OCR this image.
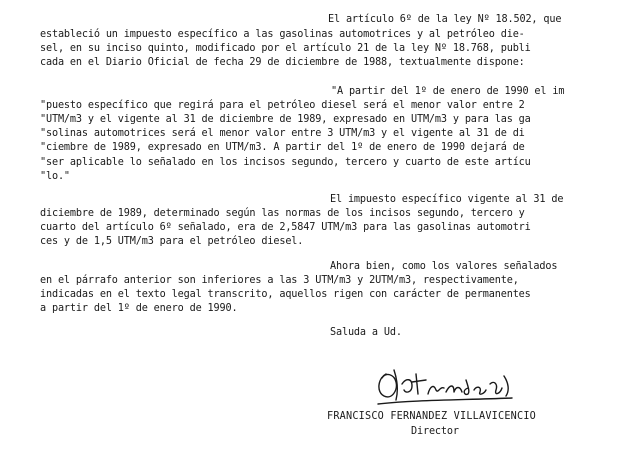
El artículo 6º de la ley Nº 18.502, que
estableció un impuesto específico a las gasolinas automotrices y al petróleo die-
sel, en su inciso quinto, modificado por el artículo 21 de la ley Nº 18.768, publi
cada en el Diario Oficial de fecha 29 de diciembre de 1988, textualmente dispone:
"A partir del 1º de enero de 1990 el im
"puesto específico que regirá para el petróleo diesel será el menor valor entre 2
"UTM/m3 y el vigente al 31 de diciembre de 1989, expresado en UTM/m3 y para las ga
"solinas automotrices será el menor valor entre 3 UTM/m3 y el vigente al 31 de di
"ciembre de 1989, expresado en UTM/m3. A partir del 1º de enero de 1990 dejará de
"ser aplicable lo señalado en los incisos segundo, tercero y cuarto de este artícu
"lo."
El impuesto específico vigente al 31 de
diciembre de 1989, determinado según las normas de los incisos segundo, tercero y
cuarto del artículo 6º señalado, era de 2,5847 UTM/m3 para las gasolinas automotri
ces y de 1,5 UTM/m3 para el petróleo diesel.
Ahora bien, como los valores señalados
en el párrafo anterior son inferiores a las 3 UTM/m3 y 2UTM/m3, respectivamente,
indicadas en el texto legal transcrito, aquellos rigen con carácter de permanentes
a partir del 1º de enero de 1990.
Saluda a Ud.
FRANCISCO FERNANDEZ VILLAVICENCIO
Director
